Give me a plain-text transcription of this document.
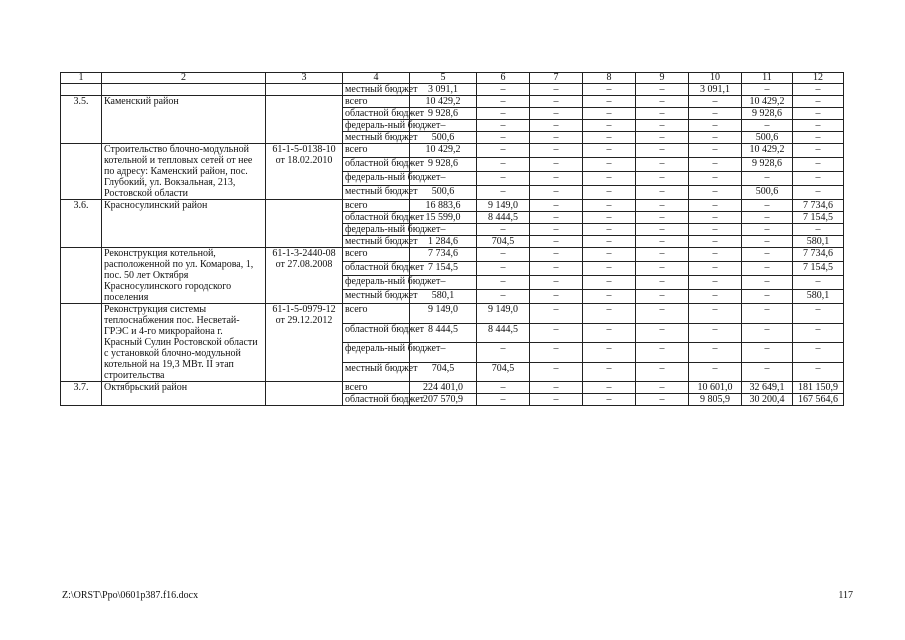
1	2	3	4	5	6	7	8	9	10	11	12
			местный бюджет	3 091,1	–	–	–	–	3 091,1	–	–
3.5.	Каменский район		всего	10 429,2	–	–	–	–	–	10 429,2	–
			областной бюджет	9 928,6	–	–	–	–	–	9 928,6	–
			федераль-ный бюджет	–	–	–	–	–	–	–	–
			местный бюджет	500,6	–	–	–	–	–	500,6	–
	Строительство блочно-модульной котельной и тепловых сетей от нее по адресу: Каменский район, пос. Глубокий, ул. Вокзальная, 213, Ростовской области	61-1-5-0138-10 от 18.02.2010	всего	10 429,2	–	–	–	–	–	10 429,2	–
			областной бюджет	9 928,6	–	–	–	–	–	9 928,6	–
			федераль-ный бюджет	–	–	–	–	–	–	–	–
			местный бюджет	500,6	–	–	–	–	–	500,6	–
3.6.	Красносулинский район		всего	16 883,6	9 149,0	–	–	–	–	–	7 734,6
			областной бюджет	15 599,0	8 444,5	–	–	–	–	–	7 154,5
			федераль-ный бюджет	–	–	–	–	–	–	–	–
			местный бюджет	1 284,6	704,5	–	–	–	–	–	580,1
	Реконструкция котельной, расположенной по ул. Комарова, 1, пос. 50 лет Октября Красносулинского городского поселения	61-1-3-2440-08 от 27.08.2008	всего	7 734,6	–	–	–	–	–	–	7 734,6
			областной бюджет	7 154,5	–	–	–	–	–	–	7 154,5
			федераль-ный бюджет	–	–	–	–	–	–	–	–
			местный бюджет	580,1	–	–	–	–	–	–	580,1
	Реконструкция системы теплоснабжения пос. Несветай-ГРЭС и 4-го микрорайона г. Красный Сулин Ростовской области с установкой блочно-модульной котельной на 19,3 МВт. II этап строительства	61-1-5-0979-12 от 29.12.2012	всего	9 149,0	9 149,0	–	–	–	–	–	–
			областной бюджет	8 444,5	8 444,5	–	–	–	–	–	–
			федераль-ный бюджет	–	–	–	–	–	–	–	–
			местный бюджет	704,5	704,5	–	–	–	–	–	–
3.7.	Октябрьский район		всего	224 401,0	–	–	–	–	10 601,0	32 649,1	181 150,9
			областной бюджет	207 570,9	–	–	–	–	9 805,9	30 200,4	167 564,6
Z:\ORST\Ppo\0601p387.f16.docx	117
